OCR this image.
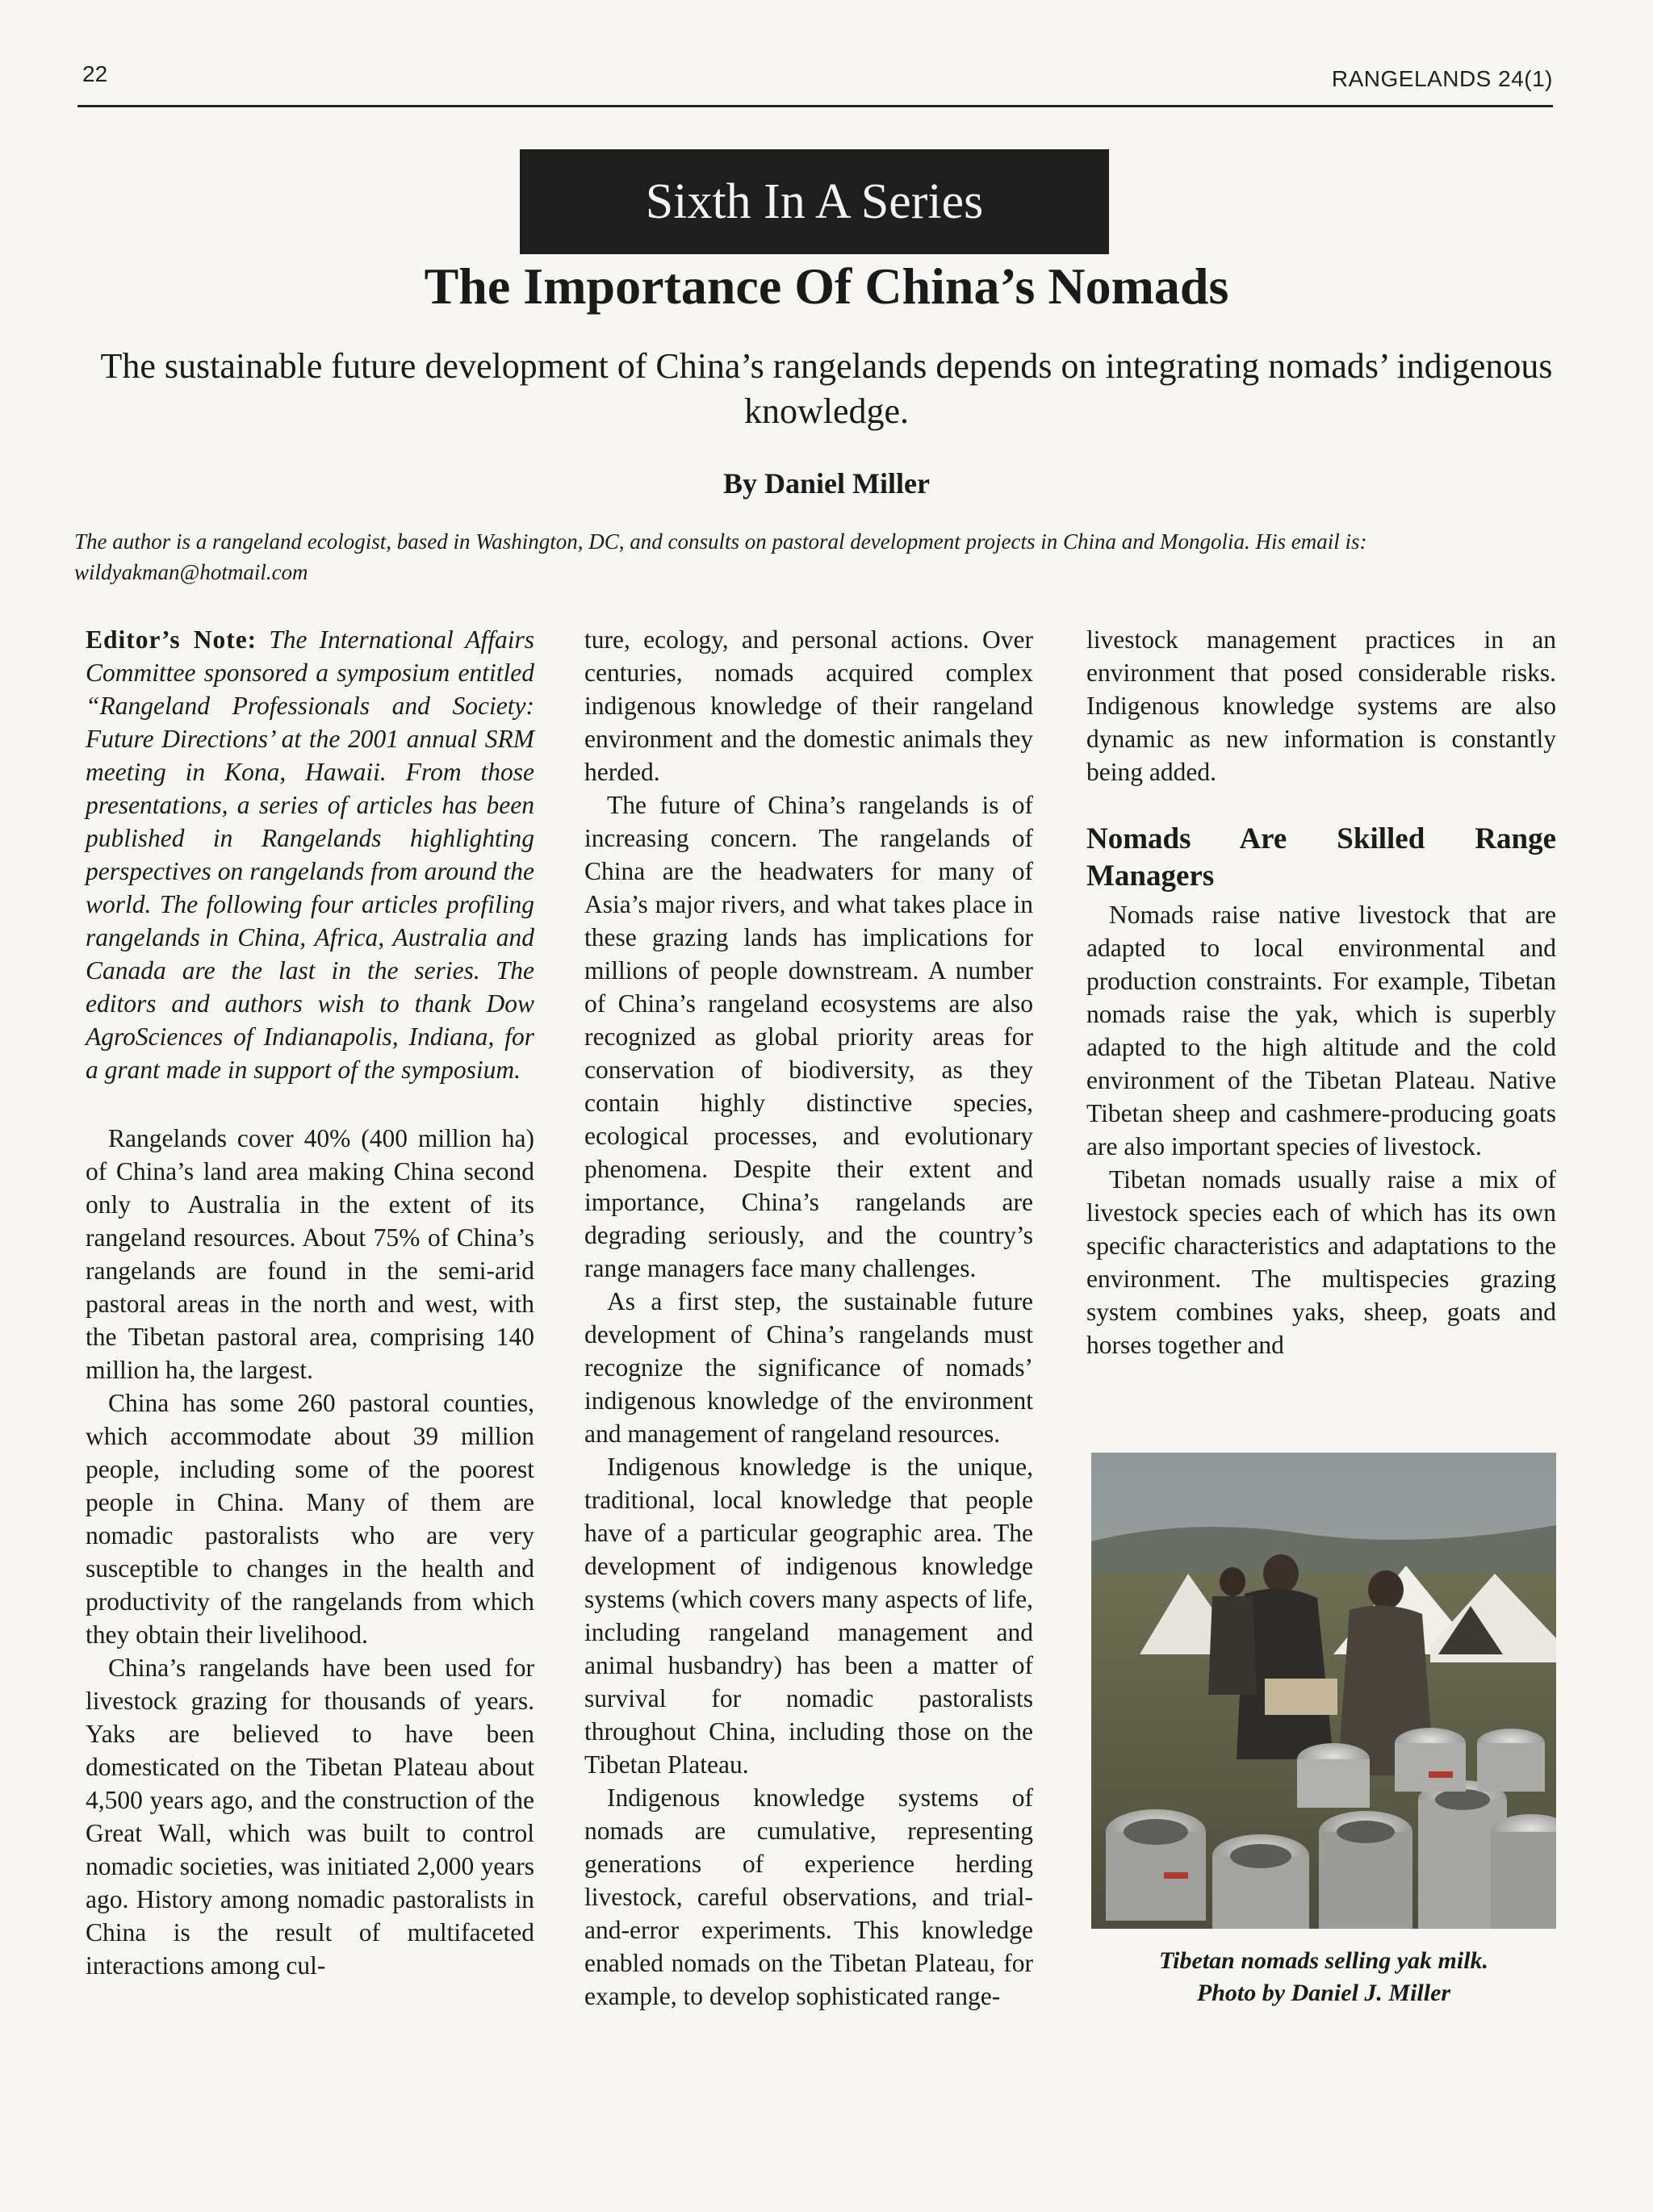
22	RANGELANDS 24(1)
Sixth In A Series
The Importance Of China’s Nomads
The sustainable future development of China’s rangelands depends on integrating nomads’ indigenous knowledge.
By Daniel Miller
The author is a rangeland ecologist, based in Washington, DC, and consults on pastoral development projects in China and Mongolia. His email is: wildyakman@hotmail.com

Editor’s Note: The International Affairs Committee sponsored a symposium entitled “Rangeland Professionals and Society: Future Directions’ at the 2001 annual SRM meeting in Kona, Hawaii. From those presentations, a series of articles has been published in Rangelands highlighting perspectives on rangelands from around the world. The following four articles profiling rangelands in China, Africa, Australia and Canada are the last in the series. The editors and authors wish to thank Dow AgroSciences of Indianapolis, Indiana, for a grant made in support of the symposium.

Rangelands cover 40% (400 million ha) of China’s land area making China second only to Australia in the extent of its rangeland resources. About 75% of China’s rangelands are found in the semi-arid pastoral areas in the north and west, with the Tibetan pastoral area, comprising 140 million ha, the largest.

China has some 260 pastoral counties, which accommodate about 39 million people, including some of the poorest people in China. Many of them are nomadic pastoralists who are very susceptible to changes in the health and productivity of the rangelands from which they obtain their livelihood.

China’s rangelands have been used for livestock grazing for thousands of years. Yaks are believed to have been domesticated on the Tibetan Plateau about 4,500 years ago, and the construction of the Great Wall, which was built to control nomadic societies, was initiated 2,000 years ago. History among nomadic pastoralists in China is the result of multifaceted interactions among cul-

ture, ecology, and personal actions. Over centuries, nomads acquired complex indigenous knowledge of their rangeland environment and the domestic animals they herded.

The future of China’s rangelands is of increasing concern. The rangelands of China are the headwaters for many of Asia’s major rivers, and what takes place in these grazing lands has implications for millions of people downstream. A number of China’s rangeland ecosystems are also recognized as global priority areas for conservation of biodiversity, as they contain highly distinctive species, ecological processes, and evolutionary phenomena. Despite their extent and importance, China’s rangelands are degrading seriously, and the country’s range managers face many challenges.

As a first step, the sustainable future development of China’s rangelands must recognize the significance of nomads’ indigenous knowledge of the environment and management of rangeland resources.

Indigenous knowledge is the unique, traditional, local knowledge that people have of a particular geographic area. The development of indigenous knowledge systems (which covers many aspects of life, including rangeland management and animal husbandry) has been a matter of survival for nomadic pastoralists throughout China, including those on the Tibetan Plateau.

Indigenous knowledge systems of nomads are cumulative, representing generations of experience herding livestock, careful observations, and trial-and-error experiments. This knowledge enabled nomads on the Tibetan Plateau, for example, to develop sophisticated range-

livestock management practices in an environment that posed considerable risks. Indigenous knowledge systems are also dynamic as new information is constantly being added.

Nomads Are Skilled Range Managers

Nomads raise native livestock that are adapted to local environmental and production constraints. For example, Tibetan nomads raise the yak, which is superbly adapted to the high altitude and the cold environment of the Tibetan Plateau. Native Tibetan sheep and cashmere-producing goats are also important species of livestock.

Tibetan nomads usually raise a mix of livestock species each of which has its own specific characteristics and adaptations to the environment. The multispecies grazing system combines yaks, sheep, goats and horses together and

Tibetan nomads selling yak milk.
Photo by Daniel J. Miller
